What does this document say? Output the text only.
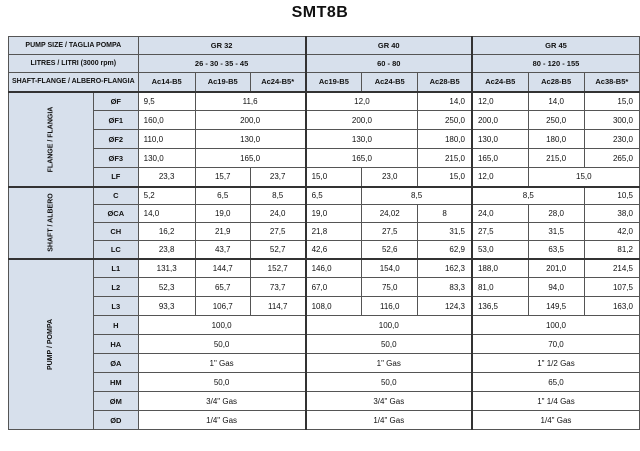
SMT8B
PUMP SIZE / TAGLIA POMPA		GR 32			GR 40			GR 45		
LITRES / LITRI (3000 rpm)		26 - 30 - 35 - 45			60 - 80			80 - 120 - 155		
SHAFT-FLANGE / ALBERO-FLANGIA		Ac14-B5	Ac19-B5	Ac24-B5*	Ac19-B5	Ac24-B5	Ac28-B5	Ac24-B5	Ac28-B5	Ac38-B5*
FLANGE / FLANGIA	ØF	9,5	11,6		12,0		14,0	12,0	14,0	15,0
	ØF1	160,0	200,0		200,0		250,0	200,0	250,0	300,0
	ØF2	110,0	130,0		130,0		180,0	130,0	180,0	230,0
	ØF3	130,0	165,0		165,0		215,0	165,0	215,0	265,0
	LF	23,3	15,7	23,7	15,0	23,0	15,0	12,0	15,0	
SHAFT / ALBERO	C	5,2	6,5	8,5	6,5	8,5		8,5		10,5
	ØCA	14,0	19,0	24,0	19,0	24,02	8	24,0	28,0	38,0
	CH	16,2	21,9	27,5	21,8	27,5	31,5	27,5	31,5	42,0
	LC	23,8	43,7	52,7	42,6	52,6	62,9	53,0	63,5	81,2
PUMP / POMPA	L1	131,3	144,7	152,7	146,0	154,0	162,3	188,0	201,0	214,5
	L2	52,3	65,7	73,7	67,0	75,0	83,3	81,0	94,0	107,5
	L3	93,3	106,7	114,7	108,0	116,0	124,3	136,5	149,5	163,0
	H	100,0			100,0			100,0		
	HA	50,0			50,0			70,0		
	ØA	1" Gas			1" Gas			1" 1/2 Gas		
	HM	50,0			50,0			65,0		
	ØM	3/4" Gas			3/4" Gas			1" 1/4 Gas		
	ØD	1/4" Gas			1/4" Gas			1/4" Gas		
